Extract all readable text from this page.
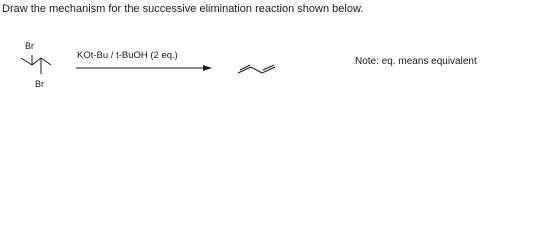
Draw the mechanism for the successive elimination reaction shown below.
Br
Br
KOt-Bu / t-BuOH (2 eq.)
Note: eq. means equivalent
